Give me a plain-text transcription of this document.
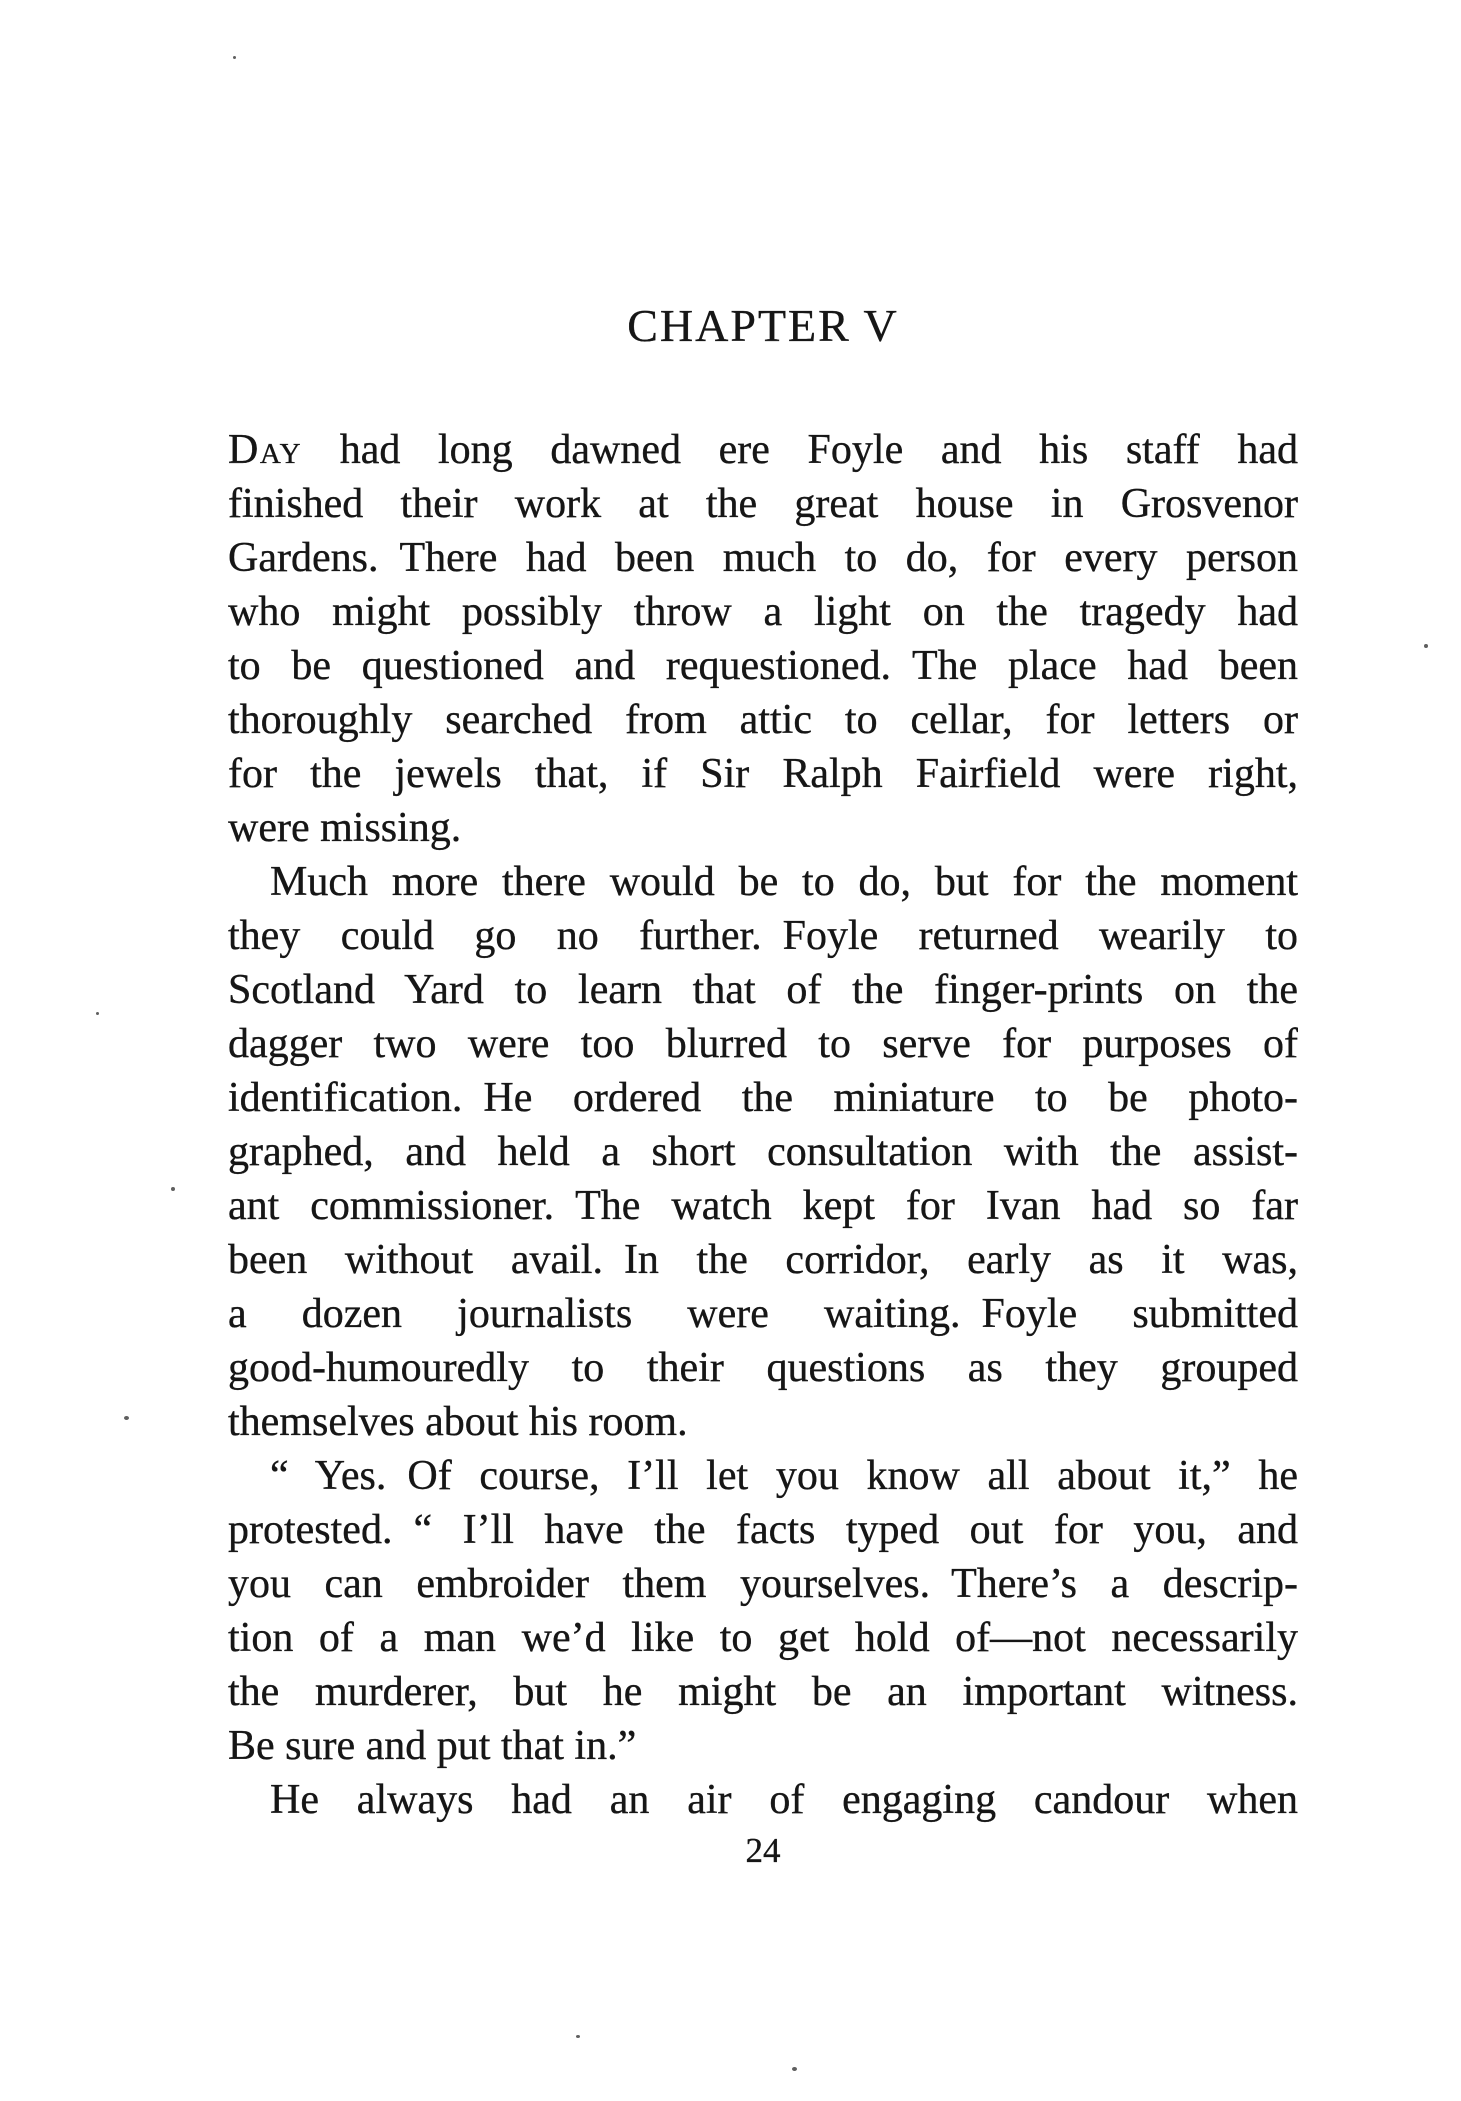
CHAPTER V
Day had long dawned ere Foyle and his staff had
finished their work at the great house in Grosvenor
Gardens. There had been much to do, for every person
who might possibly throw a light on the tragedy had
to be questioned and requestioned. The place had been
thoroughly searched from attic to cellar, for letters or
for the jewels that, if Sir Ralph Fairfield were right,
were missing.
Much more there would be to do, but for the moment
they could go no further. Foyle returned wearily to
Scotland Yard to learn that of the finger-prints on the
dagger two were too blurred to serve for purposes of
identification. He ordered the miniature to be photo-
graphed, and held a short consultation with the assist-
ant commissioner. The watch kept for Ivan had so far
been without avail. In the corridor, early as it was,
a dozen journalists were waiting. Foyle submitted
good-humouredly to their questions as they grouped
themselves about his room.
“ Yes. Of course, I’ll let you know all about it,” he
protested. “ I’ll have the facts typed out for you, and
you can embroider them yourselves. There’s a descrip-
tion of a man we’d like to get hold of—not necessarily
the murderer, but he might be an important witness.
Be sure and put that in.”
He always had an air of engaging candour when
24
